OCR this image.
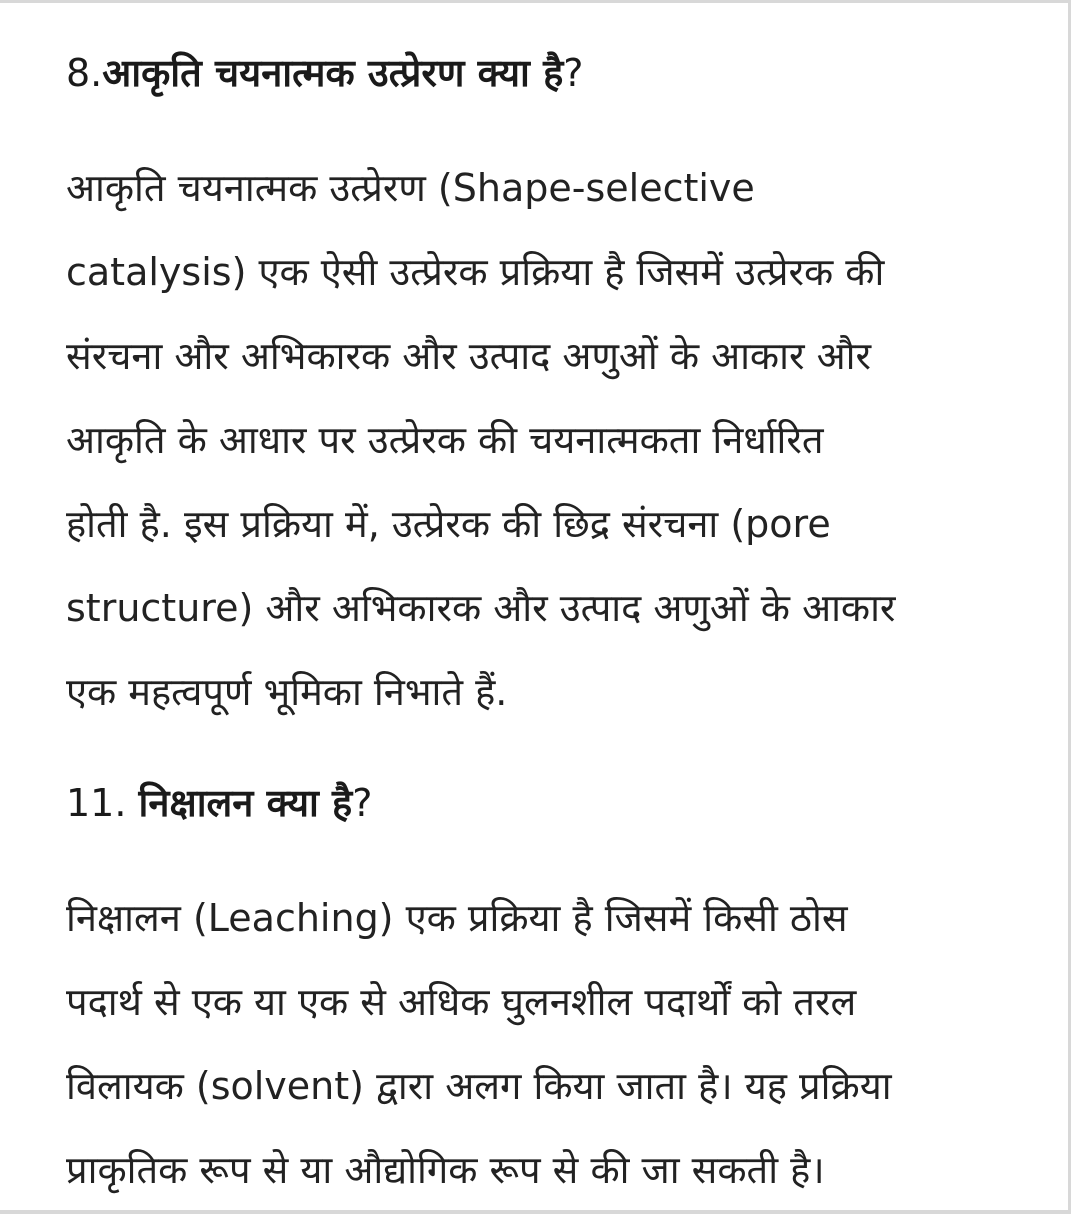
8.आकृति चयनात्मक उत्प्रेरण क्या है?

आकृति चयनात्मक उत्प्रेरण (Shape-selective
catalysis) एक ऐसी उत्प्रेरक प्रक्रिया है जिसमें उत्प्रेरक की
संरचना और अभिकारक और उत्पाद अणुओं के आकार और
आकृति के आधार पर उत्प्रेरक की चयनात्मकता निर्धारित
होती है. इस प्रक्रिया में, उत्प्रेरक की छिद्र संरचना (pore
structure) और अभिकारक और उत्पाद अणुओं के आकार
एक महत्वपूर्ण भूमिका निभाते हैं.

11. निक्षालन क्या है?

निक्षालन (Leaching) एक प्रक्रिया है जिसमें किसी ठोस
पदार्थ से एक या एक से अधिक घुलनशील पदार्थों को तरल
विलायक (solvent) द्वारा अलग किया जाता है। यह प्रक्रिया
प्राकृतिक रूप से या औद्योगिक रूप से की जा सकती है।
